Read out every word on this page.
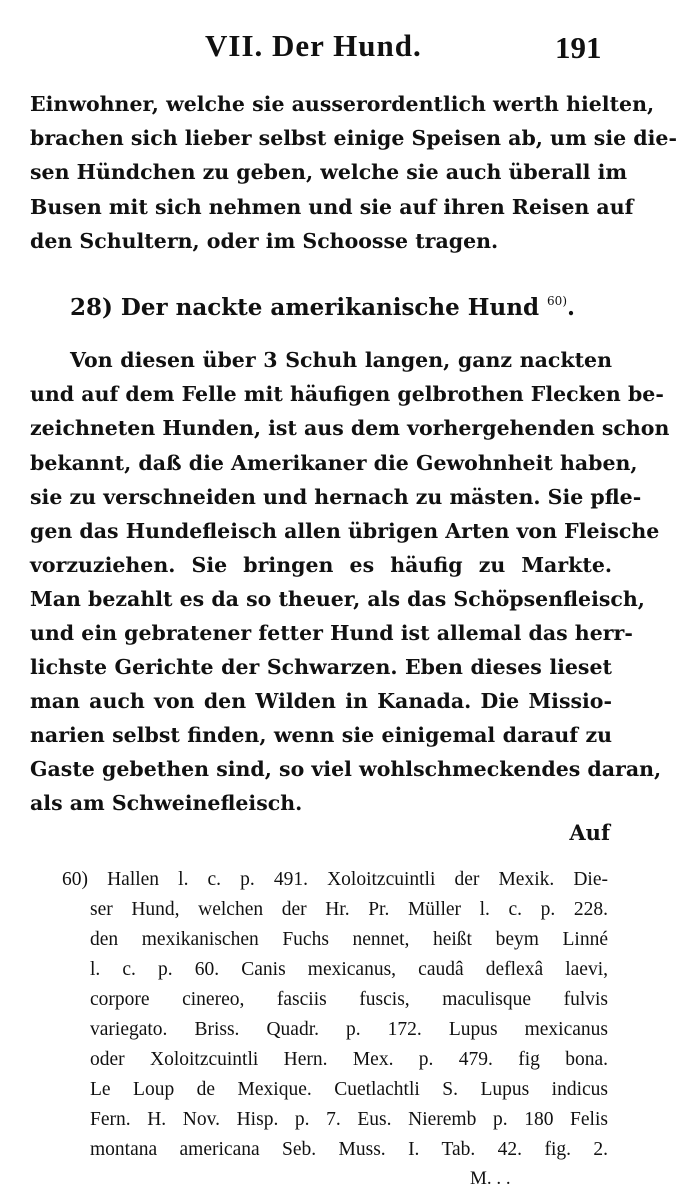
VII. Der Hund.	191
Einwohner, welche sie ausserordentlich werth hielten,
brachen sich lieber selbst einige Speisen ab, um sie die-
sen Hündchen zu geben, welche sie auch überall im
Busen mit sich nehmen und sie auf ihren Reisen auf
den Schultern, oder im Schoosse tragen.
28) Der nackte amerikanische Hund $^{60)}$.
Von diesen über 3 Schuh langen, ganz nackten
und auf dem Felle mit häufigen gelbrothen Flecken be-
zeichneten Hunden, ist aus dem vorhergehenden schon
bekannt, daß die Amerikaner die Gewohnheit haben,
sie zu verschneiden und hernach zu mästen. Sie pfle-
gen das Hundefleisch allen übrigen Arten von Fleische
vorzuziehen. Sie bringen es häufig zu Markte.
Man bezahlt es da so theuer, als das Schöpsenfleisch,
und ein gebratener fetter Hund ist allemal das herr-
lichste Gerichte der Schwarzen. Eben dieses lieset
man auch von den Wilden in Kanada. Die Missio-
narien selbst finden, wenn sie einigemal darauf zu
Gaste gebethen sind, so viel wohlschmeckendes daran,
als am Schweinefleisch.
Auf
60) Hallen l. c. p. 491. Xoloitzcuintli der Mexik. Die-
ser Hund, welchen der Hr. Pr. Müller l. c. p. 228.
den mexikanischen Fuchs nennet, heißt beym Linné
l. c. p. 60. Canis mexicanus, caudâ deflexâ laevi,
corpore cinereo, fasciis fuscis, maculisque fulvis
variegato. Briss. Quadr. p. 172. Lupus mexicanus
oder Xoloitzcuintli Hern. Mex. p. 479. fig bona.
Le Loup de Mexique. Cuetlachtli S. Lupus indicus
Fern. H. Nov. Hisp. p. 7. Eus. Nieremb p. 180 Felis
montana americana Seb. Muss. I. Tab. 42. fig. 2.
M. . .
